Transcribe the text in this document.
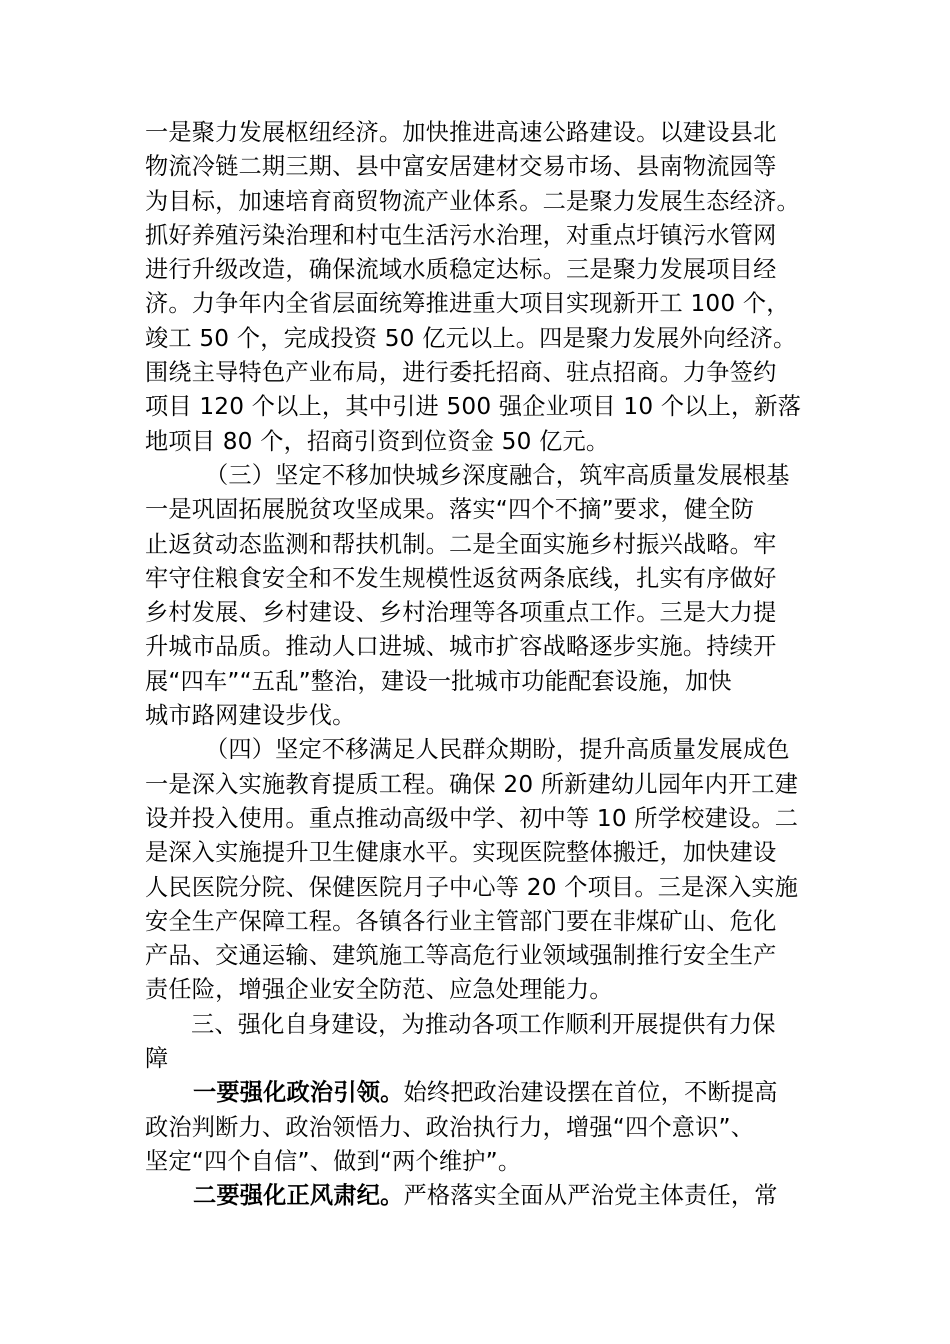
一是聚力发展枢纽经济。加快推进高速公路建设。以建设县北
物流冷链二期三期、县中富安居建材交易市场、县南物流园等
为目标，加速培育商贸物流产业体系。二是聚力发展生态经济。
抓好养殖污染治理和村屯生活污水治理，对重点圩镇污水管网
进行升级改造，确保流域水质稳定达标。三是聚力发展项目经
济。力争年内全省层面统筹推进重大项目实现新开工 100 个，
竣工 50 个，完成投资 50 亿元以上。四是聚力发展外向经济。
围绕主导特色产业布局，进行委托招商、驻点招商。力争签约
项目 120 个以上，其中引进 500 强企业项目 10 个以上，新落
地项目 80 个，招商引资到位资金 50 亿元。
（三）坚定不移加快城乡深度融合，筑牢高质量发展根基
一是巩固拓展脱贫攻坚成果。落实“四个不摘”要求，健全防
止返贫动态监测和帮扶机制。二是全面实施乡村振兴战略。牢
牢守住粮食安全和不发生规模性返贫两条底线，扎实有序做好
乡村发展、乡村建设、乡村治理等各项重点工作。三是大力提
升城市品质。推动人口进城、城市扩容战略逐步实施。持续开
展“四车”“五乱”整治，建设一批城市功能配套设施，加快
城市路网建设步伐。
（四）坚定不移满足人民群众期盼，提升高质量发展成色
一是深入实施教育提质工程。确保 20 所新建幼儿园年内开工建
设并投入使用。重点推动高级中学、初中等 10 所学校建设。二
是深入实施提升卫生健康水平。实现医院整体搬迁，加快建设
人民医院分院、保健医院月子中心等 20 个项目。三是深入实施
安全生产保障工程。各镇各行业主管部门要在非煤矿山、危化
产品、交通运输、建筑施工等高危行业领域强制推行安全生产
责任险，增强企业安全防范、应急处理能力。
三、强化自身建设，为推动各项工作顺利开展提供有力保
障
一要强化政治引领。始终把政治建设摆在首位，不断提高
政治判断力、政治领悟力、政治执行力，增强“四个意识”、
坚定“四个自信”、做到“两个维护”。
二要强化正风肃纪。严格落实全面从严治党主体责任，常
